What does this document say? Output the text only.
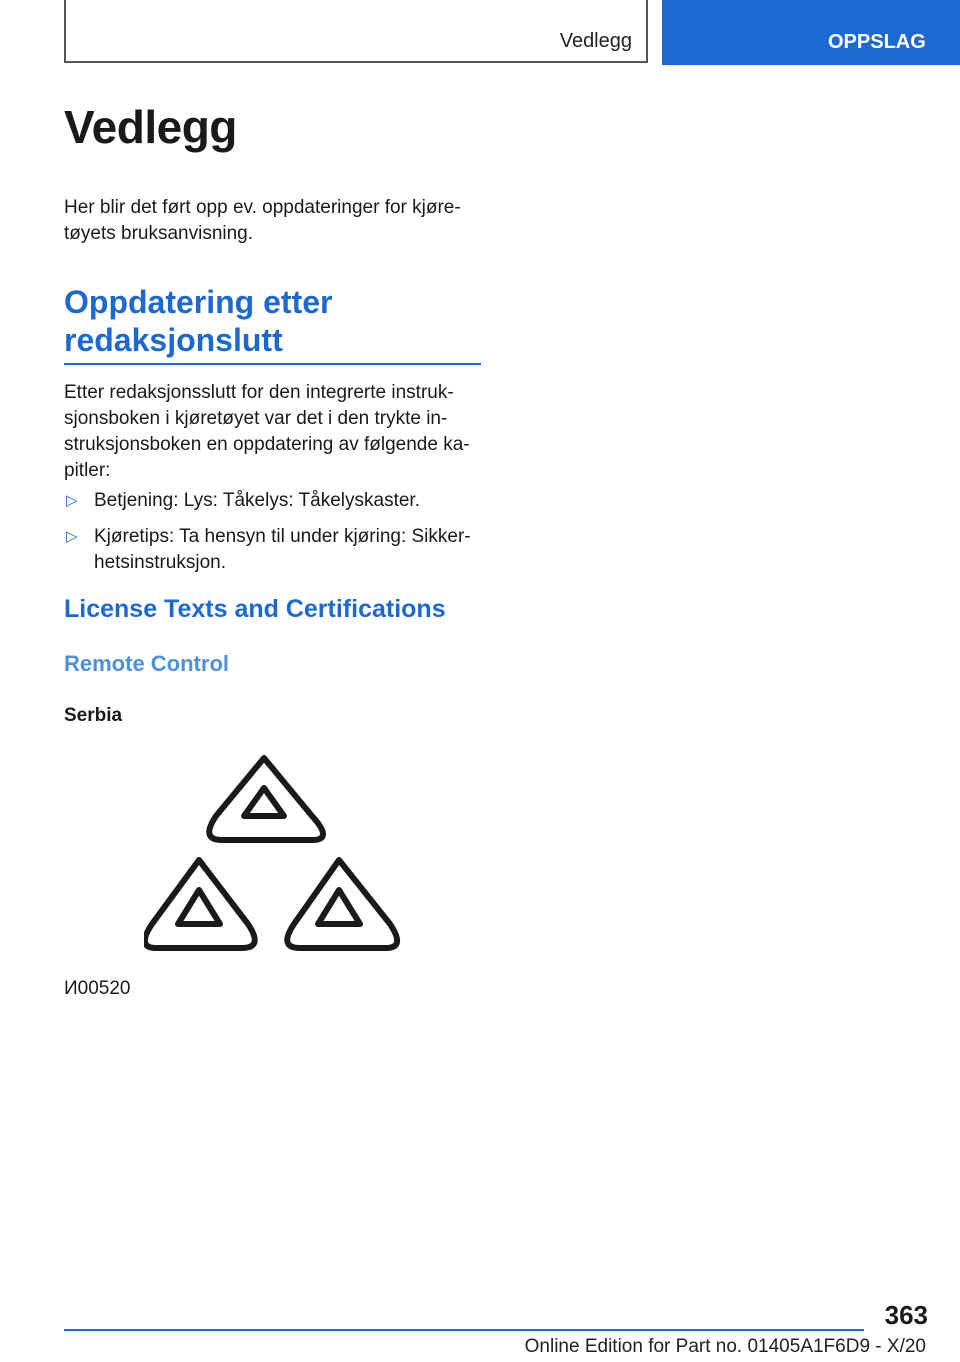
Vedlegg	OPPSLAG
Vedlegg

Her blir det ført opp ev. oppdateringer for kjøretøyets bruksanvisning.

Oppdatering etter redaksjonslutt

Etter redaksjonsslutt for den integrerte instruksjonsboken i kjøretøyet var det i den trykte instruksjonsboken en oppdatering av følgende kapitler:

▷ Betjening: Lys: Tåkelys: Tåkelyskaster.
▷ Kjøretips: Ta hensyn til under kjøring: Sikkerhetsinstruksjon.
License Texts and Certifications
Remote Control

Serbia

И00520

363
Online Edition for Part no. 01405A1F6D9 - X/20
